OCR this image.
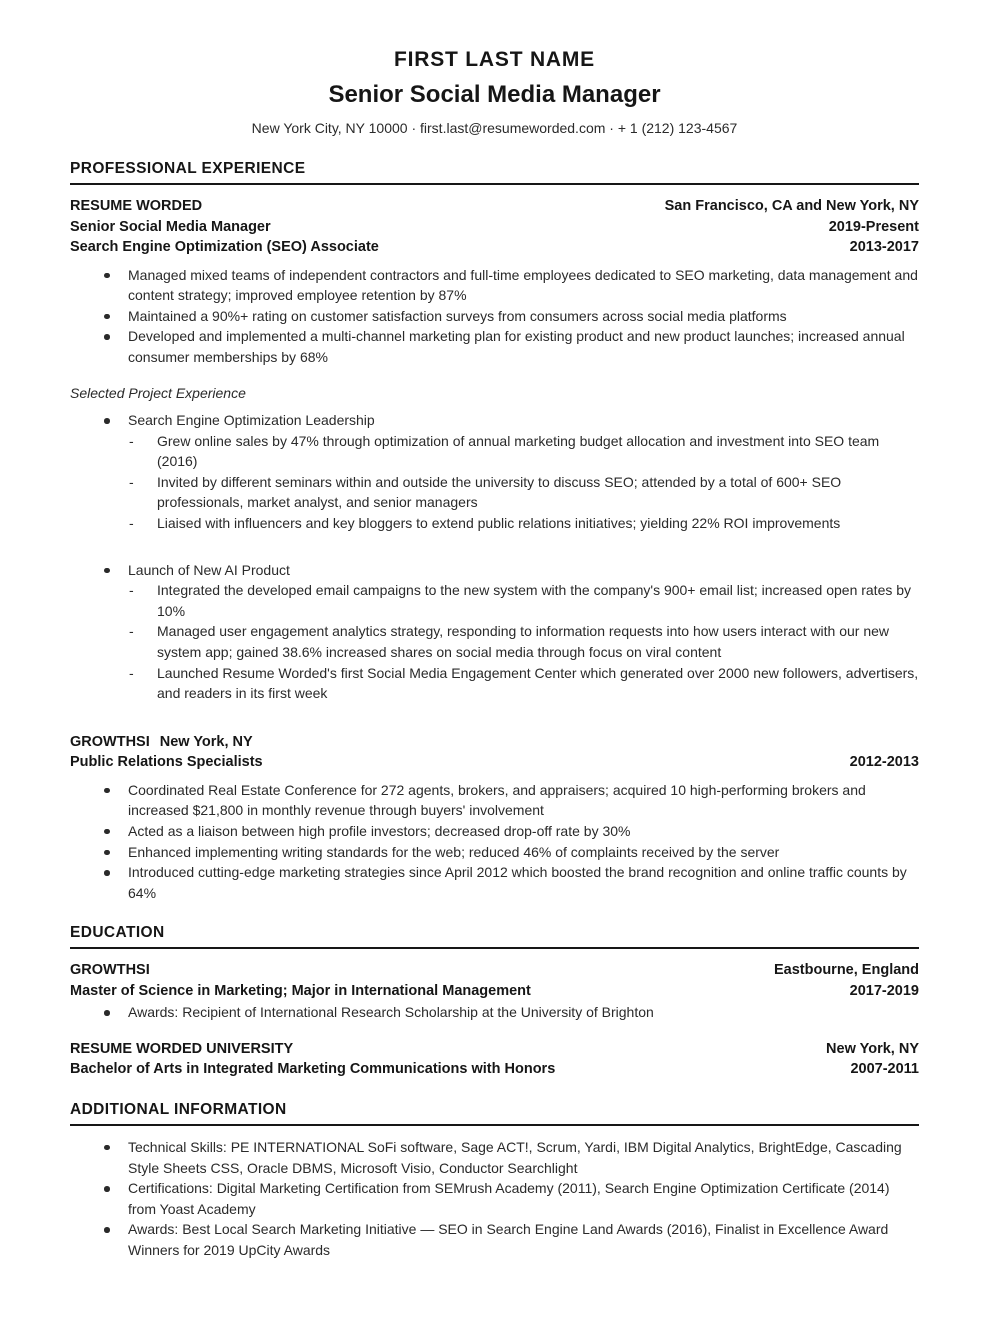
FIRST LAST NAME
Senior Social Media Manager
New York City, NY 10000 · first.last@resumeworded.com · + 1 (212) 123-4567
PROFESSIONAL EXPERIENCE
RESUME WORDED	San Francisco, CA and New York, NY
Senior Social Media Manager	2019-Present
Search Engine Optimization (SEO) Associate	2013-2017
Managed mixed teams of independent contractors and full-time employees dedicated to SEO marketing, data management and content strategy; improved employee retention by 87%
Maintained a 90%+ rating on customer satisfaction surveys from consumers across social media platforms
Developed and implemented a multi-channel marketing plan for existing product and new product launches; increased annual consumer memberships by 68%
Selected Project Experience
Search Engine Optimization Leadership
- Grew online sales by 47% through optimization of annual marketing budget allocation and investment into SEO team (2016)
- Invited by different seminars within and outside the university to discuss SEO; attended by a total of 600+ SEO professionals, market analyst, and senior managers
- Liaised with influencers and key bloggers to extend public relations initiatives; yielding 22% ROI improvements
Launch of New AI Product
- Integrated the developed email campaigns to the new system with the company's 900+ email list; increased open rates by 10%
- Managed user engagement analytics strategy, responding to information requests into how users interact with our new system app; gained 38.6% increased shares on social media through focus on viral content
- Launched Resume Worded's first Social Media Engagement Center which generated over 2000 new followers, advertisers, and readers in its first week
GROWTHSI New York, NY
Public Relations Specialists	2012-2013
Coordinated Real Estate Conference for 272 agents, brokers, and appraisers; acquired 10 high-performing brokers and increased $21,800 in monthly revenue through buyers' involvement
Acted as a liaison between high profile investors; decreased drop-off rate by 30%
Enhanced implementing writing standards for the web; reduced 46% of complaints received by the server
Introduced cutting-edge marketing strategies since April 2012 which boosted the brand recognition and online traffic counts by 64%
EDUCATION
GROWTHSI	Eastbourne, England
Master of Science in Marketing; Major in International Management	2017-2019
Awards: Recipient of International Research Scholarship at the University of Brighton
RESUME WORDED UNIVERSITY	New York, NY
Bachelor of Arts in Integrated Marketing Communications with Honors	2007-2011
ADDITIONAL INFORMATION
Technical Skills: PE INTERNATIONAL SoFi software, Sage ACT!, Scrum, Yardi, IBM Digital Analytics, BrightEdge, Cascading Style Sheets CSS, Oracle DBMS, Microsoft Visio, Conductor Searchlight
Certifications: Digital Marketing Certification from SEMrush Academy (2011), Search Engine Optimization Certificate (2014) from Yoast Academy
Awards: Best Local Search Marketing Initiative — SEO in Search Engine Land Awards (2016), Finalist in Excellence Award Winners for 2019 UpCity Awards
